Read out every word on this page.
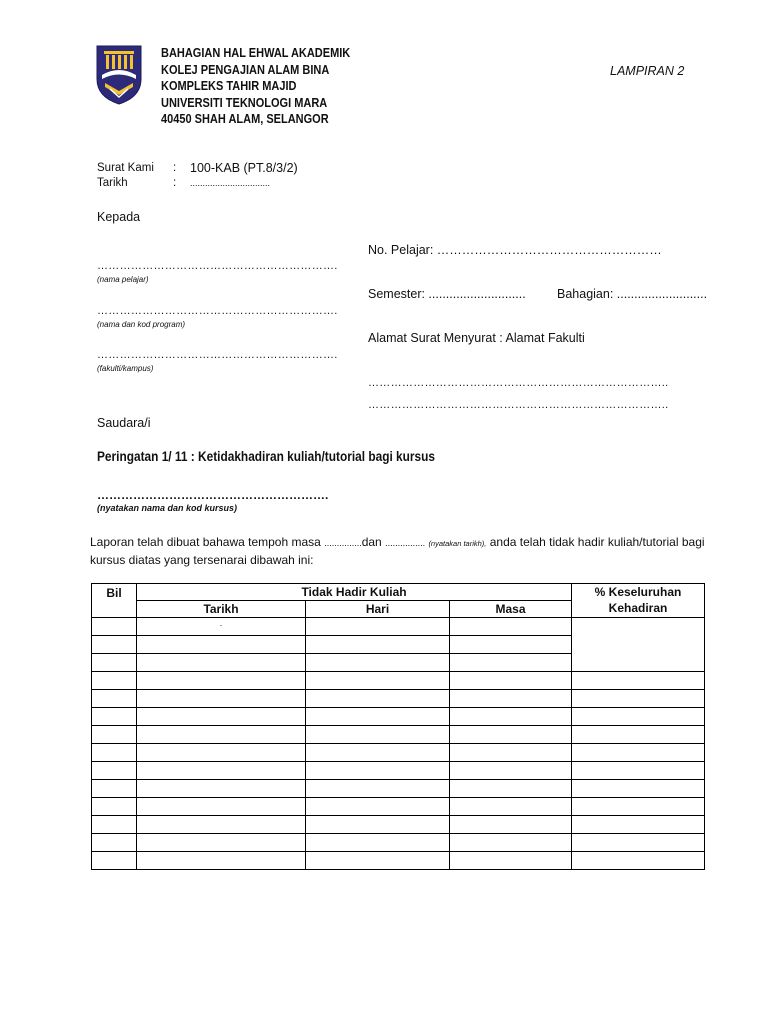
BAHAGIAN HAL EHWAL AKADEMIK
KOLEJ PENGAJIAN ALAM BINA
KOMPLEKS TAHIR MAJID
UNIVERSITI TEKNOLOGI MARA
40450 SHAH ALAM, SELANGOR
LAMPIRAN 2
Surat Kami : 100-KAB (PT.8/3/2)
Tarikh	: ................................
Kepada
……………………………………………………….
(nama pelajar)
……………………………………………………….
(nama dan kod program)
……………………………………………………….
(fakulti/kampus)
No. Pelajar: ………………………………………………
Semester: ............................	Bahagian: ..........................
Alamat Surat Menyurat : Alamat Fakulti
……………………………………………………………………..
……………………………………………………………………..
Saudara/i
Peringatan 1/ 11 : Ketidakhadiran kuliah/tutorial bagi kursus
………………………………………………….
(nyatakan nama dan kod kursus)
Laporan telah dibuat bahawa tempoh masa ...............dan ................ (nyatakan tarikh), anda telah tidak hadir kuliah/tutorial bagi kursus diatas yang tersenarai dibawah ini:
Bil	Tidak Hadir Kuliah			% Keseluruhan
Kehadiran

	Tarikh	Hari	Masa	
	.			
